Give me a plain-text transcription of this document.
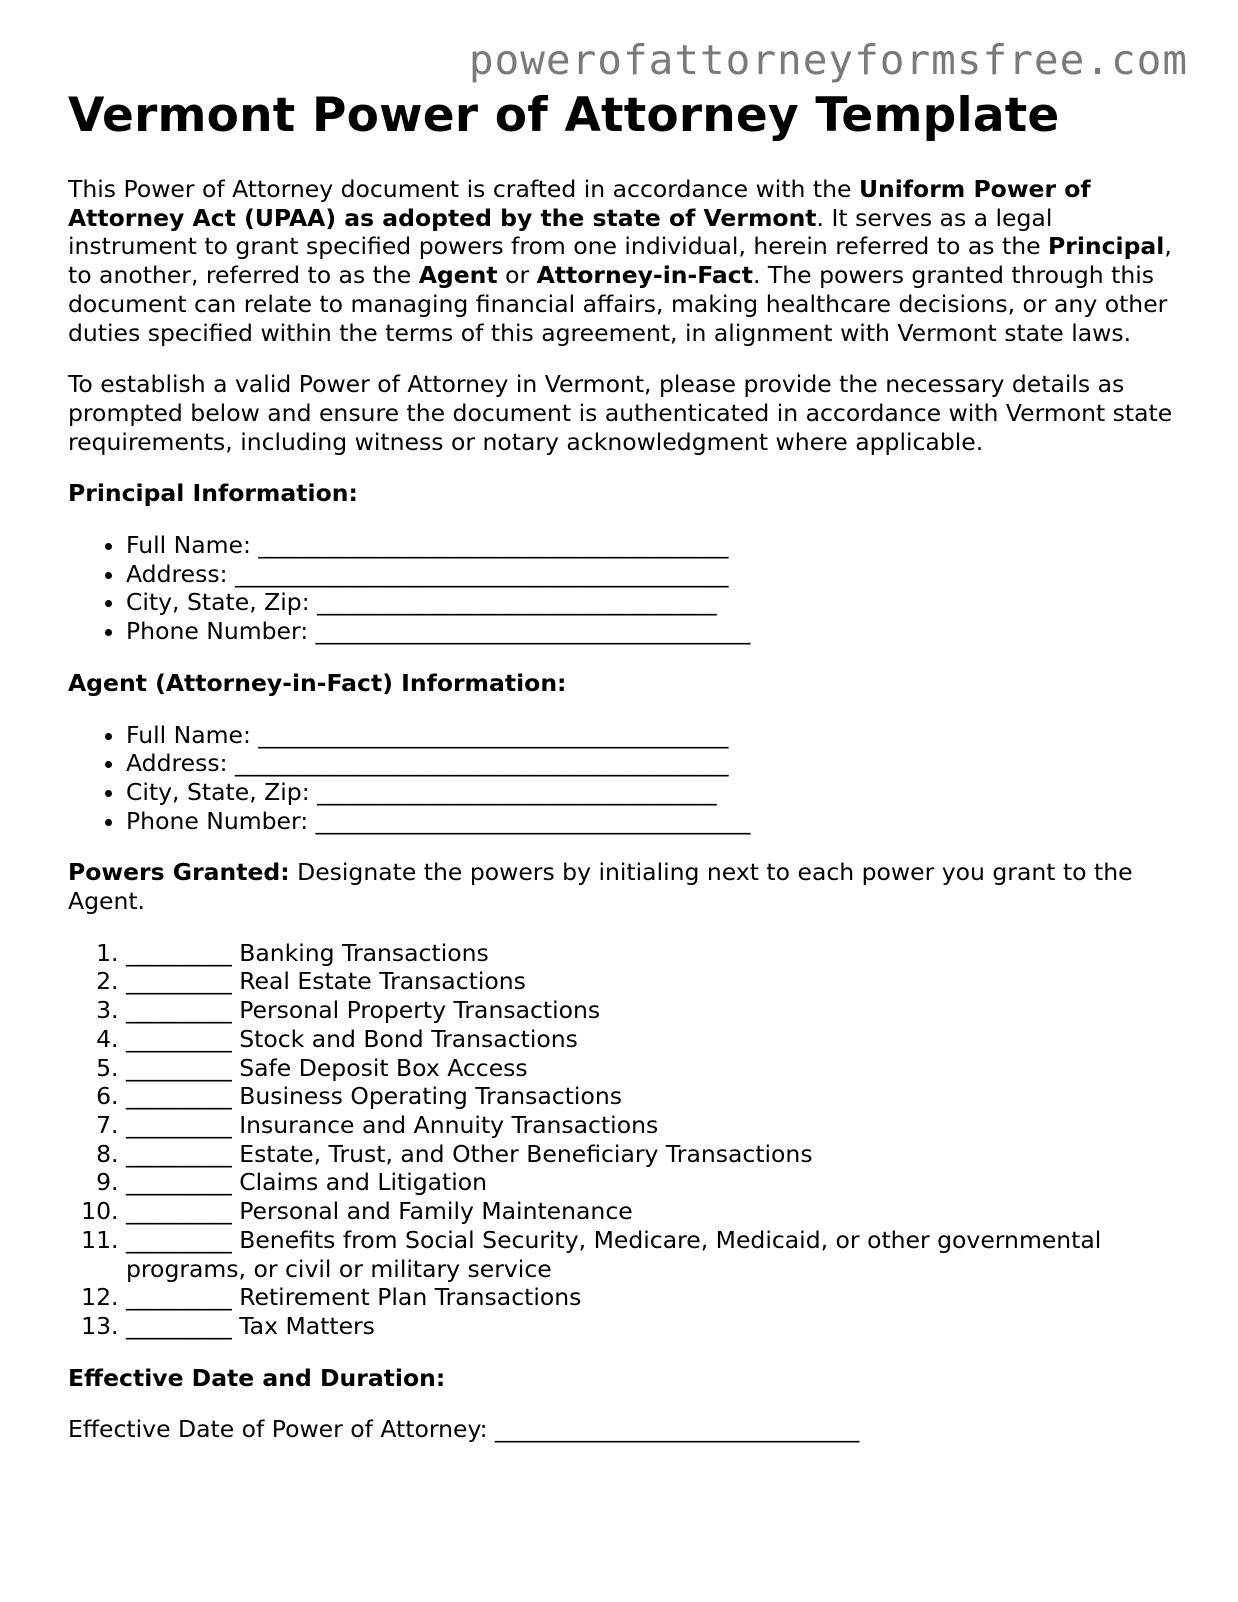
powerofattorneyformsfree.com
Vermont Power of Attorney Template

This Power of Attorney document is crafted in accordance with the Uniform Power of Attorney Act (UPAA) as adopted by the state of Vermont. It serves as a legal instrument to grant specified powers from one individual, herein referred to as the Principal, to another, referred to as the Agent or Attorney-in-Fact. The powers granted through this document can relate to managing financial affairs, making healthcare decisions, or any other duties specified within the terms of this agreement, in alignment with Vermont state laws.

To establish a valid Power of Attorney in Vermont, please provide the necessary details as prompted below and ensure the document is authenticated in accordance with Vermont state requirements, including witness or notary acknowledgment where applicable.

Principal Information:

• Full Name: ________________________________________
• Address: __________________________________________
• City, State, Zip: __________________________________
• Phone Number: _____________________________________

Agent (Attorney-in-Fact) Information:

• Full Name: ________________________________________
• Address: __________________________________________
• City, State, Zip: __________________________________
• Phone Number: _____________________________________

Powers Granted: Designate the powers by initialing next to each power you grant to the Agent.

1. _________ Banking Transactions
2. _________ Real Estate Transactions
3. _________ Personal Property Transactions
4. _________ Stock and Bond Transactions
5. _________ Safe Deposit Box Access
6. _________ Business Operating Transactions
7. _________ Insurance and Annuity Transactions
8. _________ Estate, Trust, and Other Beneficiary Transactions
9. _________ Claims and Litigation
10. _________ Personal and Family Maintenance
11. _________ Benefits from Social Security, Medicare, Medicaid, or other governmental programs, or civil or military service
12. _________ Retirement Plan Transactions
13. _________ Tax Matters

Effective Date and Duration:

Effective Date of Power of Attorney: _______________________________
